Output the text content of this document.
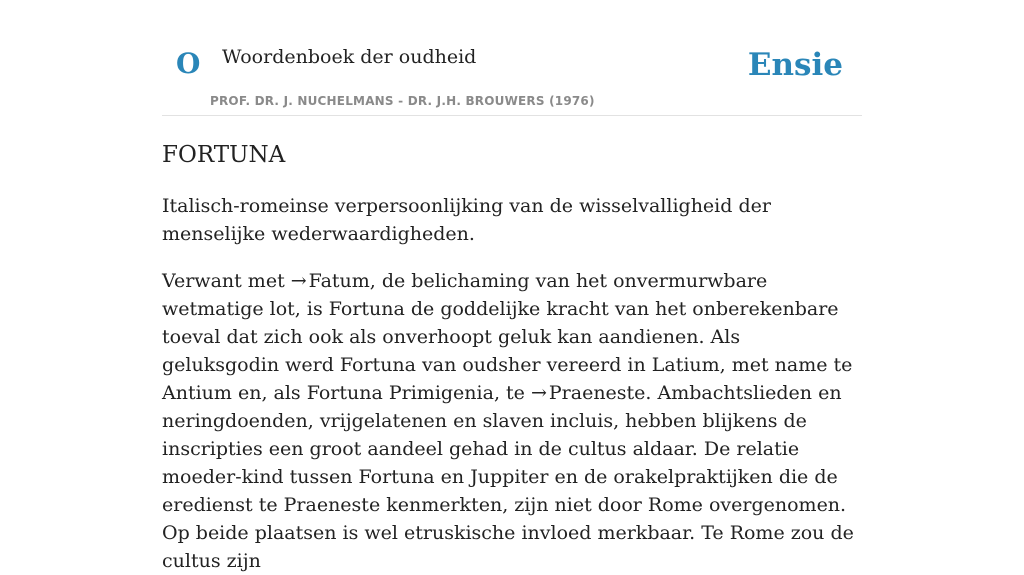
O Woordenboek der oudheid
PROF. DR. J. NUCHELMANS - DR. J.H. BROUWERS (1976)
Ensie
FORTUNA

Italisch-romeinse verpersoonlijking van de wisselvalligheid der menselijke wederwaardigheden.

Verwant met → Fatum, de belichaming van het onvermurwbare wetmatige lot, is Fortuna de goddelijke kracht van het onberekenbare toeval dat zich ook als onverhoopt geluk kan aandienen. Als geluksgodin werd Fortuna van oudsher vereerd in Latium, met name te Antium en, als Fortuna Primigenia, te → Praeneste. Ambachtslieden en neringdoenden, vrijgelatenen en slaven incluis, hebben blijkens de inscripties een groot aandeel gehad in de cultus aldaar. De relatie moeder-kind tussen Fortuna en Juppiter en de orakelpraktijken die de eredienst te Praeneste kenmerkten, zijn niet door Rome overgenomen. Op beide plaatsen is wel etruskische invloed merkbaar. Te Rome zou de cultus zijn
